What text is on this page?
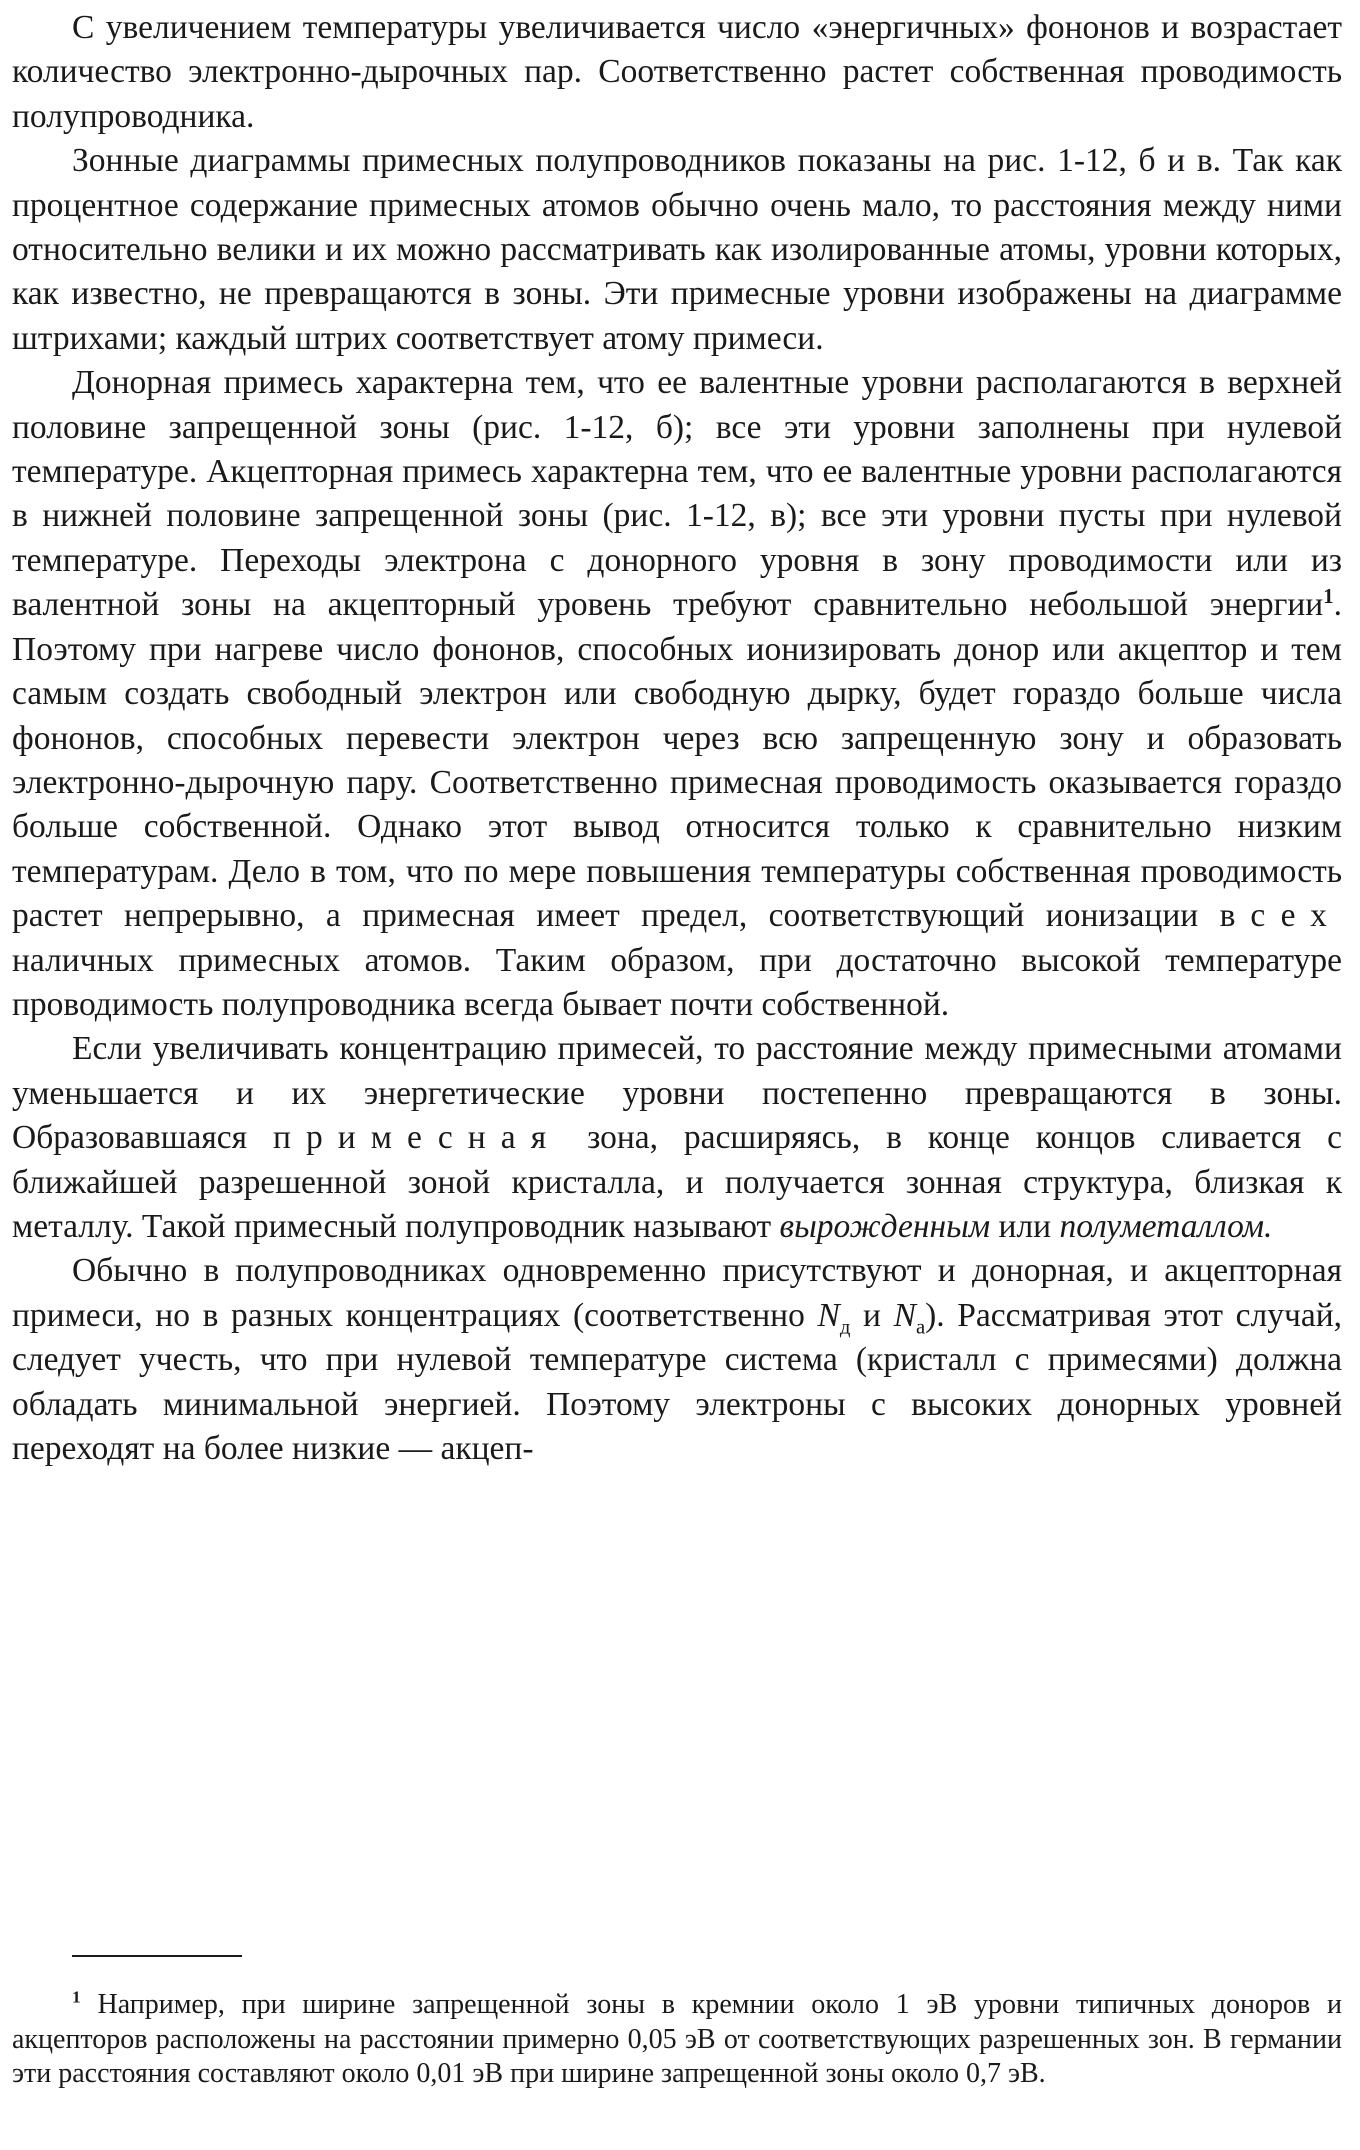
С увеличением температуры увеличивается число «энергичных» фононов и возрастает количество электронно-дырочных пар. Соответственно растет собственная проводимость полупроводника.

Зонные диаграммы примесных полупроводников показаны на рис. 1-12, б и в. Так как процентное содержание примесных атомов обычно очень мало, то расстояния между ними относительно велики и их можно рассматривать как изолированные атомы, уровни которых, как известно, не превращаются в зоны. Эти примесные уровни изображены на диаграмме штрихами; каждый штрих соответствует атому примеси.

Донорная примесь характерна тем, что ее валентные уровни располагаются в верхней половине запрещенной зоны (рис. 1-12, б); все эти уровни заполнены при нулевой температуре. Акцепторная примесь характерна тем, что ее валентные уровни располагаются в нижней половине запрещенной зоны (рис. 1-12, в); все эти уровни пусты при нулевой температуре. Переходы электрона с донорного уровня в зону проводимости или из валентной зоны на акцепторный уровень требуют сравнительно небольшой энергии$^1$. Поэтому при нагреве число фононов, способных ионизировать донор или акцептор и тем самым создать свободный электрон или свободную дырку, будет гораздо больше числа фононов, способных перевести электрон через всю запрещенную зону и образовать электронно-дырочную пару. Соответственно примесная проводимость оказывается гораздо больше собственной. Однако этот вывод относится только к сравнительно низким температурам. Дело в том, что по мере повышения температуры собственная проводимость растет непрерывно, а примесная имеет предел, соответствующий ионизации всех наличных примесных атомов. Таким образом, при достаточно высокой температуре проводимость полупроводника всегда бывает почти собственной.

Если увеличивать концентрацию примесей, то расстояние между примесными атомами уменьшается и их энергетические уровни постепенно превращаются в зоны. Образовавшаяся примесная зона, расширяясь, в конце концов сливается с ближайшей разрешенной зоной кристалла, и получается зонная структура, близкая к металлу. Такой примесный полупроводник называют вырожденным или полуметаллом.

Обычно в полупроводниках одновременно присутствуют и донорная, и акцепторная примеси, но в разных концентрациях (соответственно $N_д$ и $N_а$). Рассматривая этот случай, следует учесть, что при нулевой температуре система (кристалл с примесями) должна обладать минимальной энергией. Поэтому электроны с высоких донорных уровней переходят на более низкие — акцеп-

$^1$ Например, при ширине запрещенной зоны в кремнии около 1 эВ уровни типичных доноров и акцепторов расположены на расстоянии примерно 0,05 эВ от соответствующих разрешенных зон. В германии эти расстояния составляют около 0,01 эВ при ширине запрещенной зоны около 0,7 эВ.
